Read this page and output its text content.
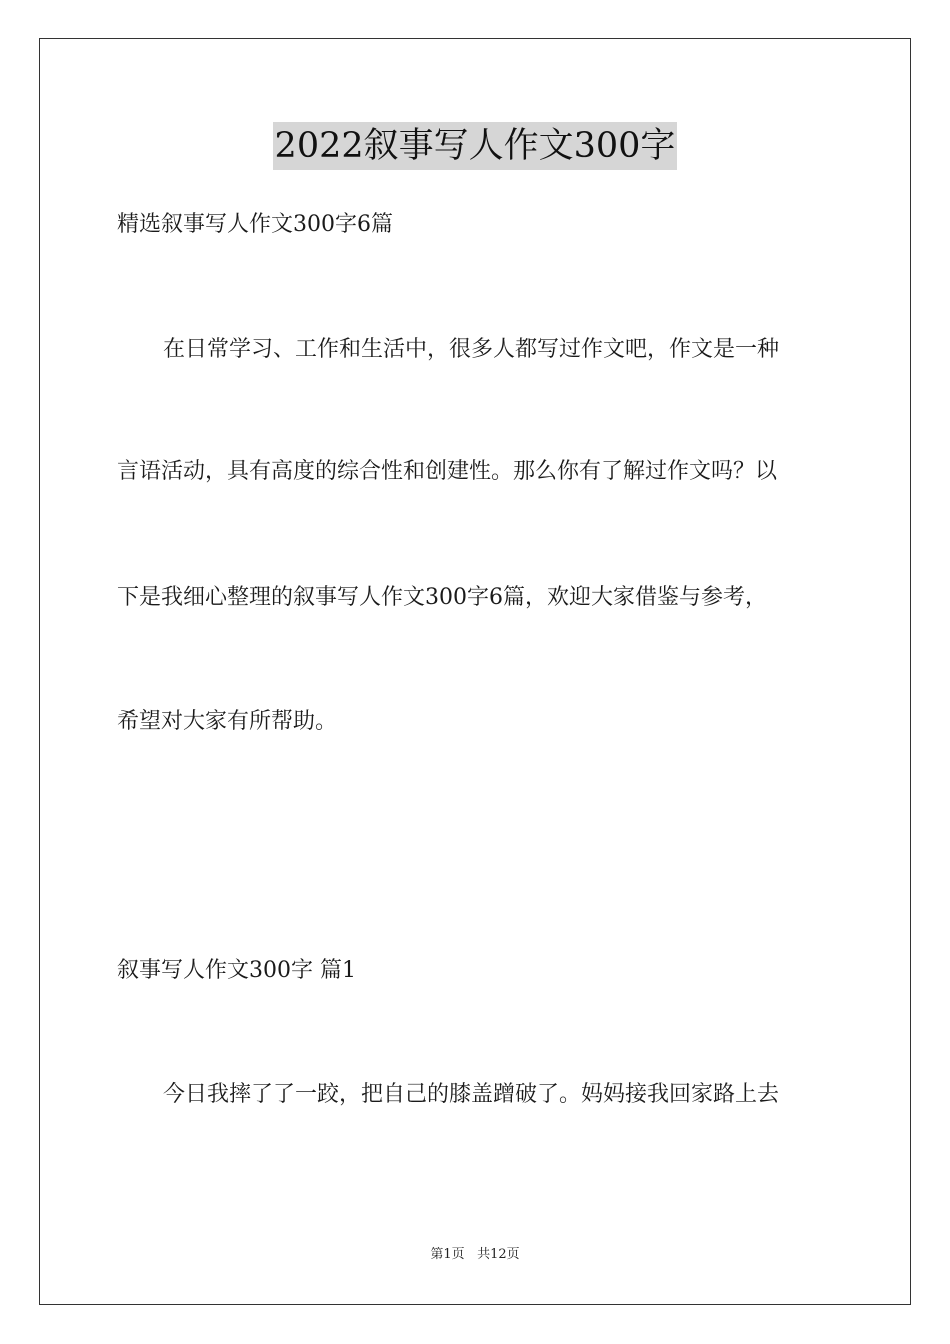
2022叙事写人作文300字
精选叙事写人作文300字6篇
在日常学习、工作和生活中，很多人都写过作文吧，作文是一种
言语活动，具有高度的综合性和创建性。那么你有了解过作文吗？以
下是我细心整理的叙事写人作文300字6篇，欢迎大家借鉴与参考，
希望对大家有所帮助。
叙事写人作文300字 篇1
今日我摔了了一跤，把自己的膝盖蹭破了。妈妈接我回家路上去
第1页 共12页
